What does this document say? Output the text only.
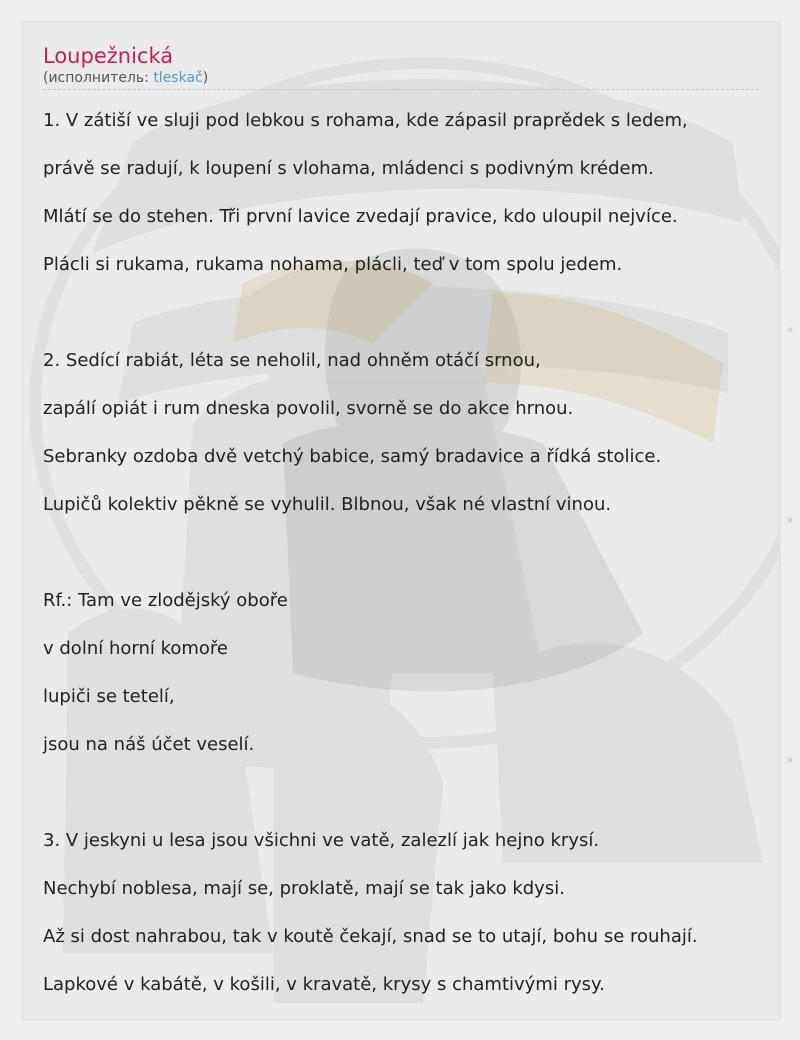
Loupežnická
(исполнитель: tleskač)
1. V zátiší ve sluji pod lebkou s rohama, kde zápasil praprědek s ledem,
právě se radují, k loupení s vlohama, mládenci s podivným krédem.
Mlátí se do stehen. Tři první lavice zvedají pravice, kdo uloupil nejvíce.
Plácli si rukama, rukama nohama, plácli, teď v tom spolu jedem.
2. Sedící rabiát, léta se neholil, nad ohněm otáčí srnou,
zapálí opiát i rum dneska povolil, svorně se do akce hrnou.
Sebranky ozdoba dvě vetchý babice, samý bradavice a řídká stolice.
Lupičů kolektiv pěkně se vyhulil. Blbnou, však né vlastní vinou.
Rf.: Tam ve zlodějský oboře
v dolní horní komoře
lupiči se tetelí,
jsou na náš účet veselí.
3. V jeskyni u lesa jsou všichni ve vatě, zalezlí jak hejno krysí.
Nechybí noblesa, mají se, proklatě, mají se tak jako kdysi.
Až si dost nahrabou, tak v koutě čekají, snad se to utají, bohu se rouhají.
Lapkové v kabátě, v košili, v kravatě, krysy s chamtivými rysy.
